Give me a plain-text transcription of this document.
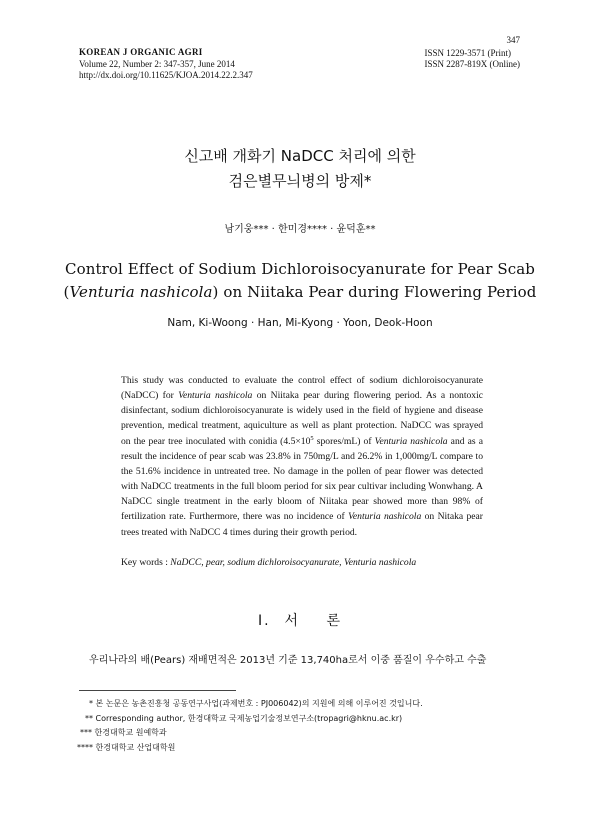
KOREAN J ORGANIC AGRI
Volume 22, Number 2: 347-357, June 2014
http://dx.doi.org/10.11625/KJOA.2014.22.2.347
347
ISSN 1229-3571 (Print)
ISSN 2287-819X (Online)
신고배 개화기 NaDCC 처리에 의한
검은별무늬병의 방제*
남기웅*** · 한미경**** · 윤덕훈**
Control Effect of Sodium Dichloroisocyanurate for Pear Scab
(Venturia nashicola) on Niitaka Pear during Flowering Period
Nam, Ki-Woong · Han, Mi-Kyong · Yoon, Deok-Hoon
This study was conducted to evaluate the control effect of sodium dichloroisocyanurate (NaDCC) for Venturia nashicola on Niitaka pear during flowering period. As a nontoxic disinfectant, sodium dichloroisocyanurate is widely used in the field of hygiene and disease prevention, medical treatment, aquiculture as well as plant protection. NaDCC was sprayed on the pear tree inoculated with conidia ($4.5\times 10^5$ spores/mL) of Venturia nashicola and as a result the incidence of pear scab was 23.8% in 750mg/L and 26.2% in 1,000mg/L compare to the 51.6% incidence in untreated tree. No damage in the pollen of pear flower was detected with NaDCC treatments in the full bloom period for six pear cultivar including Wonwhang. A NaDCC single treatment in the early bloom of Niitaka pear showed more than 98% of fertilization rate. Furthermore, there was no incidence of Venturia nashicola on Nitaka pear trees treated with NaDCC 4 times during their growth period.
Key words : NaDCC, pear, sodium dichloroisocyanurate, Venturia nashicola
Ⅰ. 서 론
우리나라의 배(Pears) 재배면적은 2013년 기준 13,740ha로서 이중 품질이 우수하고 수출
* 본 논문은 농촌진흥청 공동연구사업(과제번호 : PJ006042)의 지원에 의해 이루어진 것입니다.
** Corresponding author, 한경대학교 국제농업기술정보연구소(tropagri@hknu.ac.kr)
*** 한경대학교 원예학과
**** 한경대학교 산업대학원
